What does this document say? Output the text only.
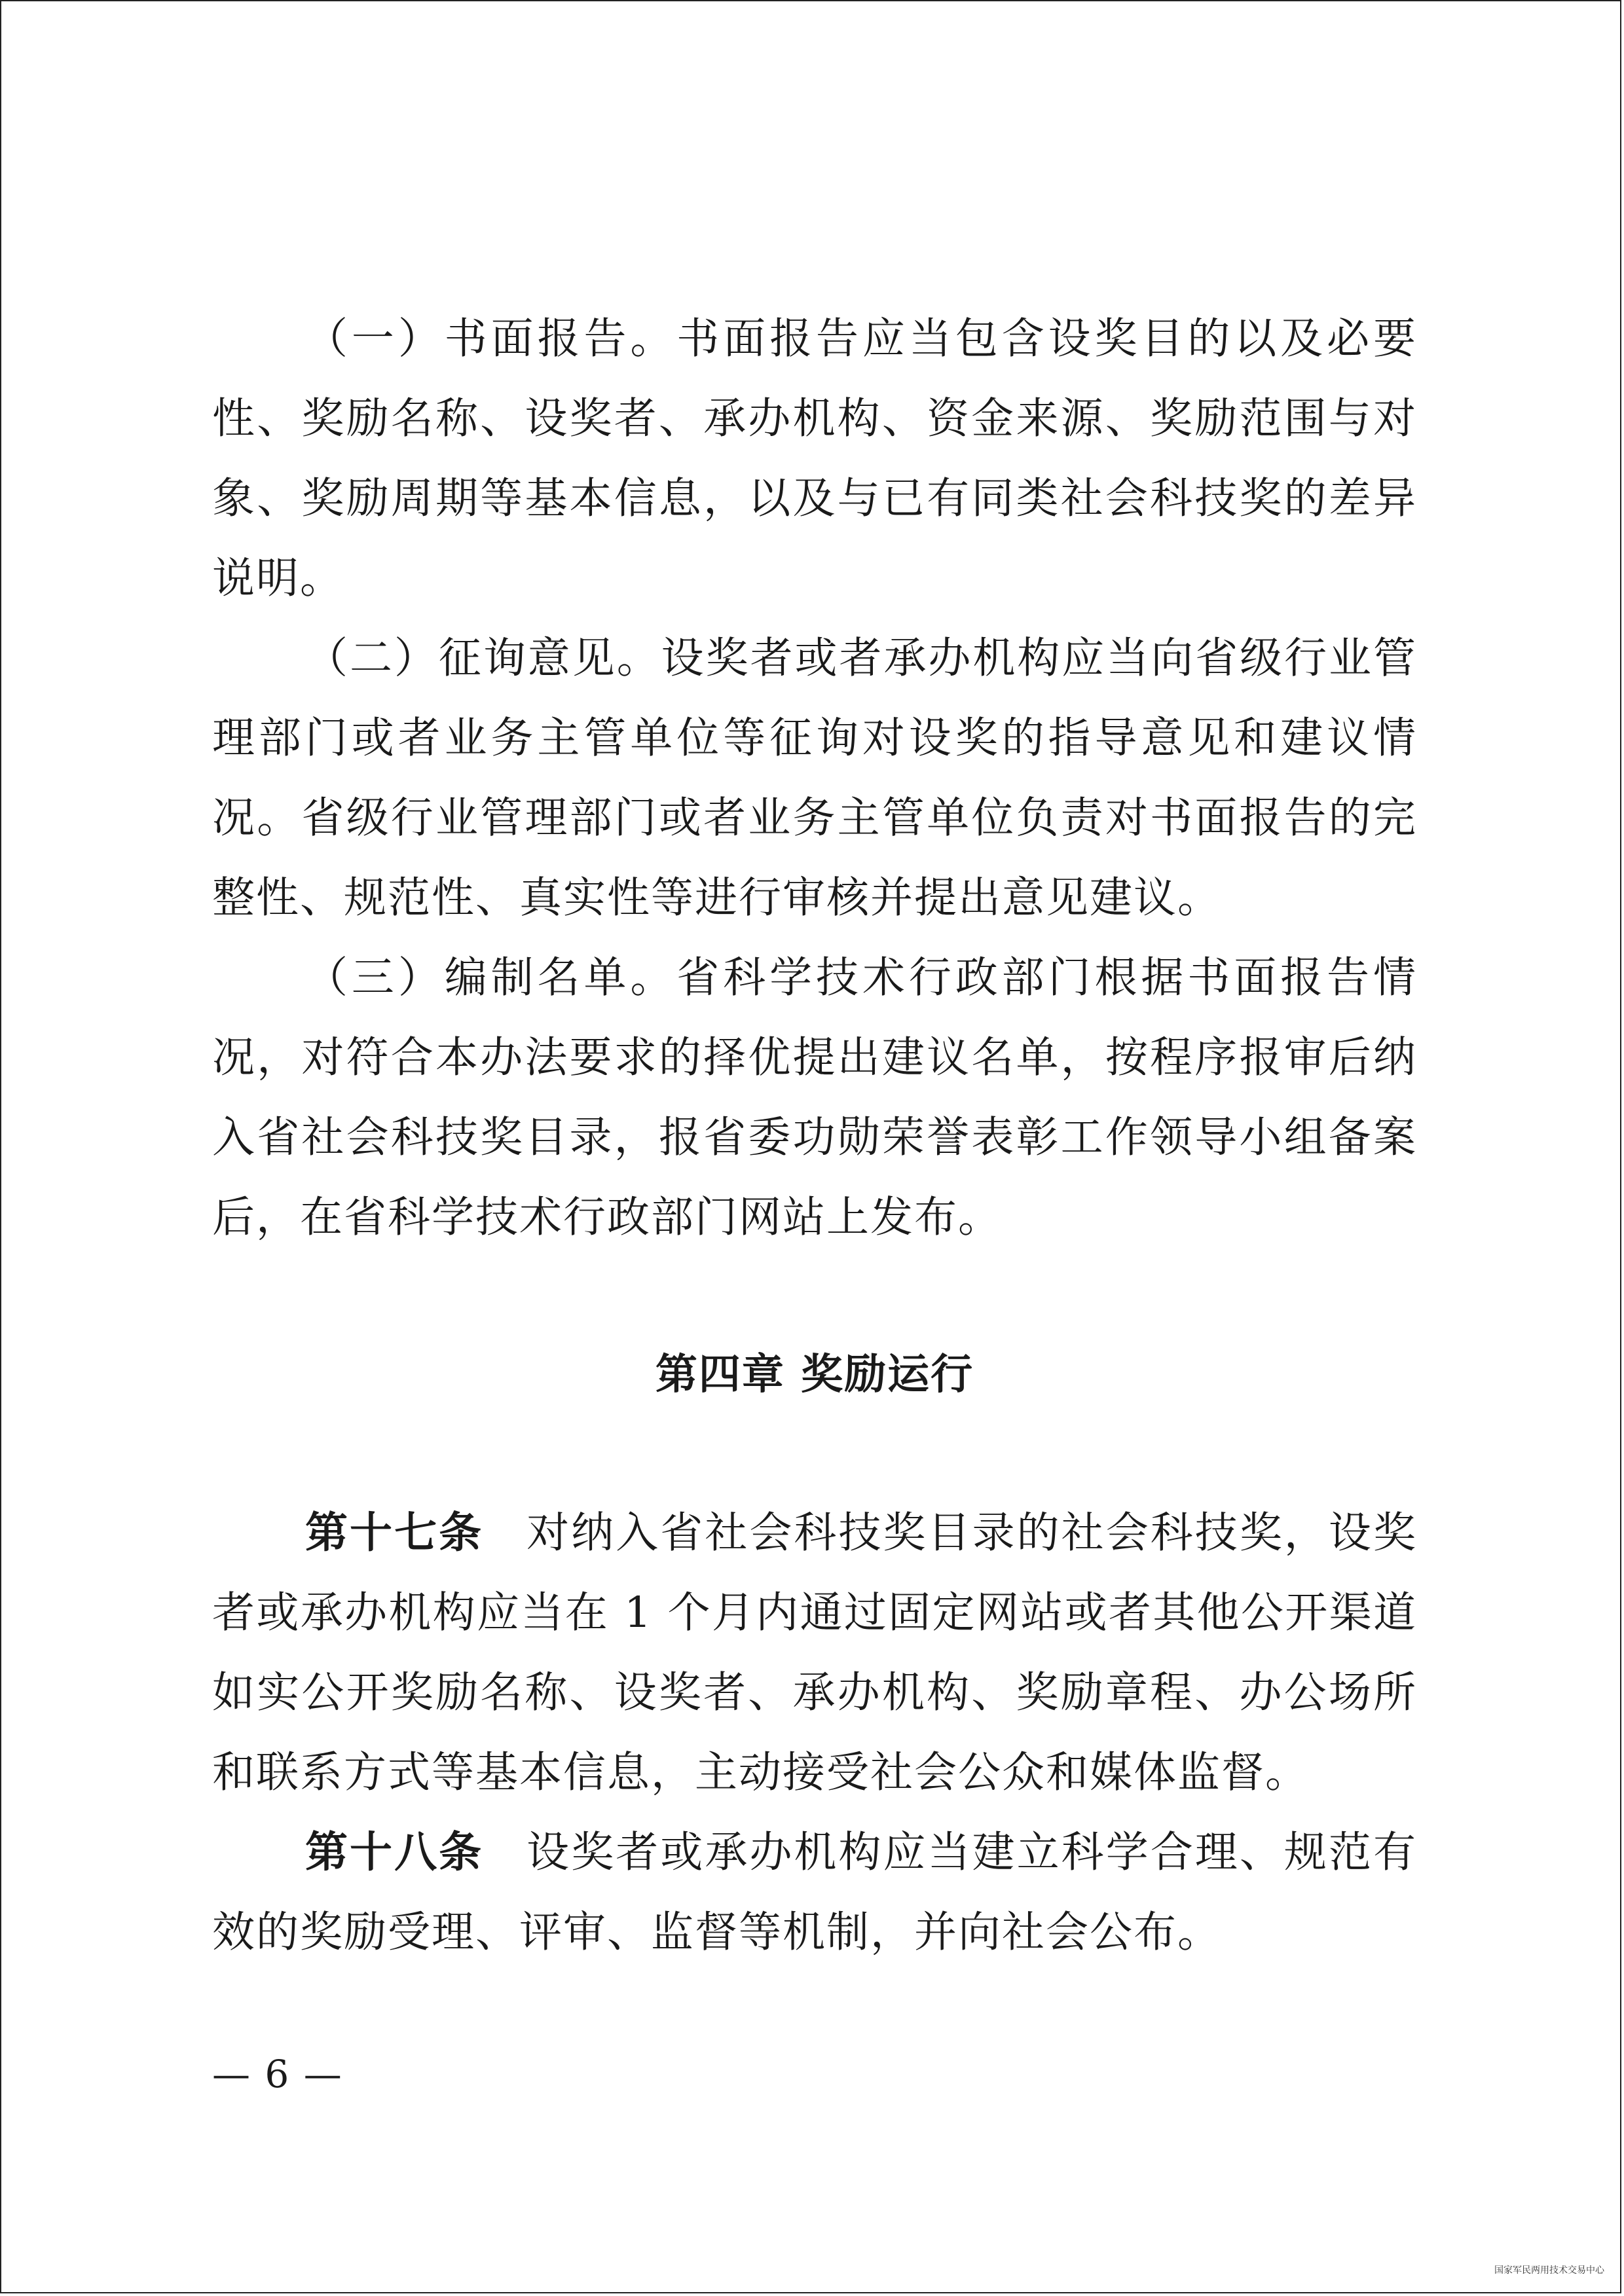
（一）书面报告。书面报告应当包含设奖目的以及必要性、奖励名称、设奖者、承办机构、资金来源、奖励范围与对象、奖励周期等基本信息，以及与已有同类社会科技奖的差异说明。

（二）征询意见。设奖者或者承办机构应当向省级行业管理部门或者业务主管单位等征询对设奖的指导意见和建议情况。省级行业管理部门或者业务主管单位负责对书面报告的完整性、规范性、真实性等进行审核并提出意见建议。

（三）编制名单。省科学技术行政部门根据书面报告情况，对符合本办法要求的择优提出建议名单，按程序报审后纳入省社会科技奖目录，报省委功勋荣誉表彰工作领导小组备案后，在省科学技术行政部门网站上发布。

第四章 奖励运行

第十七条 对纳入省社会科技奖目录的社会科技奖，设奖者或承办机构应当在 1 个月内通过固定网站或者其他公开渠道如实公开奖励名称、设奖者、承办机构、奖励章程、办公场所和联系方式等基本信息，主动接受社会公众和媒体监督。

第十八条 设奖者或承办机构应当建立科学合理、规范有效的奖励受理、评审、监督等机制，并向社会公布。

— 6 —
国家军民两用技术交易中心
